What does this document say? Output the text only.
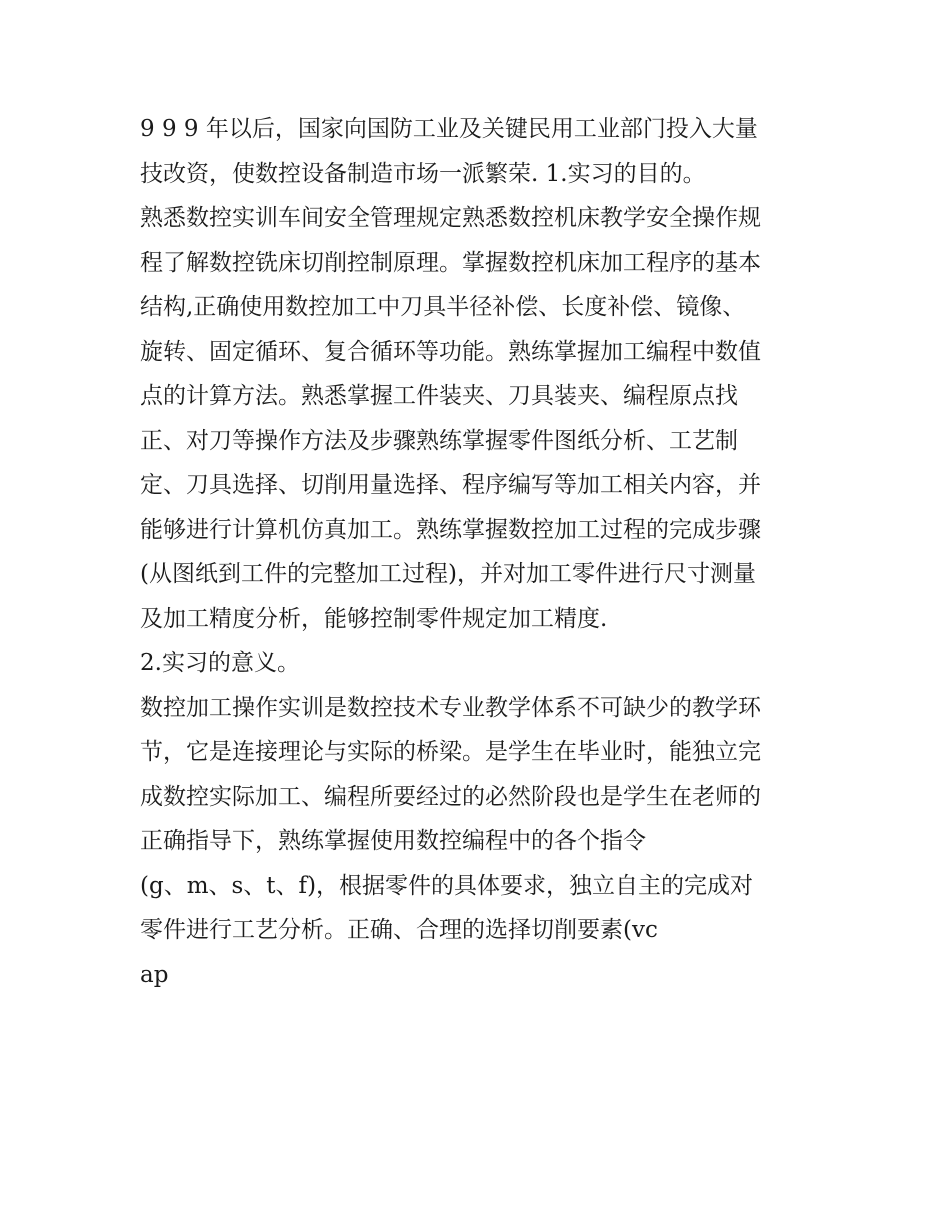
9 9 9 年以后，国家向国防工业及关键民用工业部门投入大量
技改资，使数控设备制造市场一派繁荣. 1.实习的目的。
熟悉数控实训车间安全管理规定熟悉数控机床教学安全操作规
程了解数控铣床切削控制原理。掌握数控机床加工程序的基本
结构,正确使用数控加工中刀具半径补偿、长度补偿、镜像、
旋转、固定循环、复合循环等功能。熟练掌握加工编程中数值
点的计算方法。熟悉掌握工件装夹、刀具装夹、编程原点找
正、对刀等操作方法及步骤熟练掌握零件图纸分析、工艺制
定、刀具选择、切削用量选择、程序编写等加工相关内容，并
能够进行计算机仿真加工。熟练掌握数控加工过程的完成步骤
(从图纸到工件的完整加工过程)，并对加工零件进行尺寸测量
及加工精度分析，能够控制零件规定加工精度.
2.实习的意义。
数控加工操作实训是数控技术专业教学体系不可缺少的教学环
节，它是连接理论与实际的桥梁。是学生在毕业时，能独立完
成数控实际加工、编程所要经过的必然阶段也是学生在老师的
正确指导下，熟练掌握使用数控编程中的各个指令
(g、m、s、t、f)，根据零件的具体要求，独立自主的完成对
零件进行工艺分析。正确、合理的选择切削要素(vc
ap
